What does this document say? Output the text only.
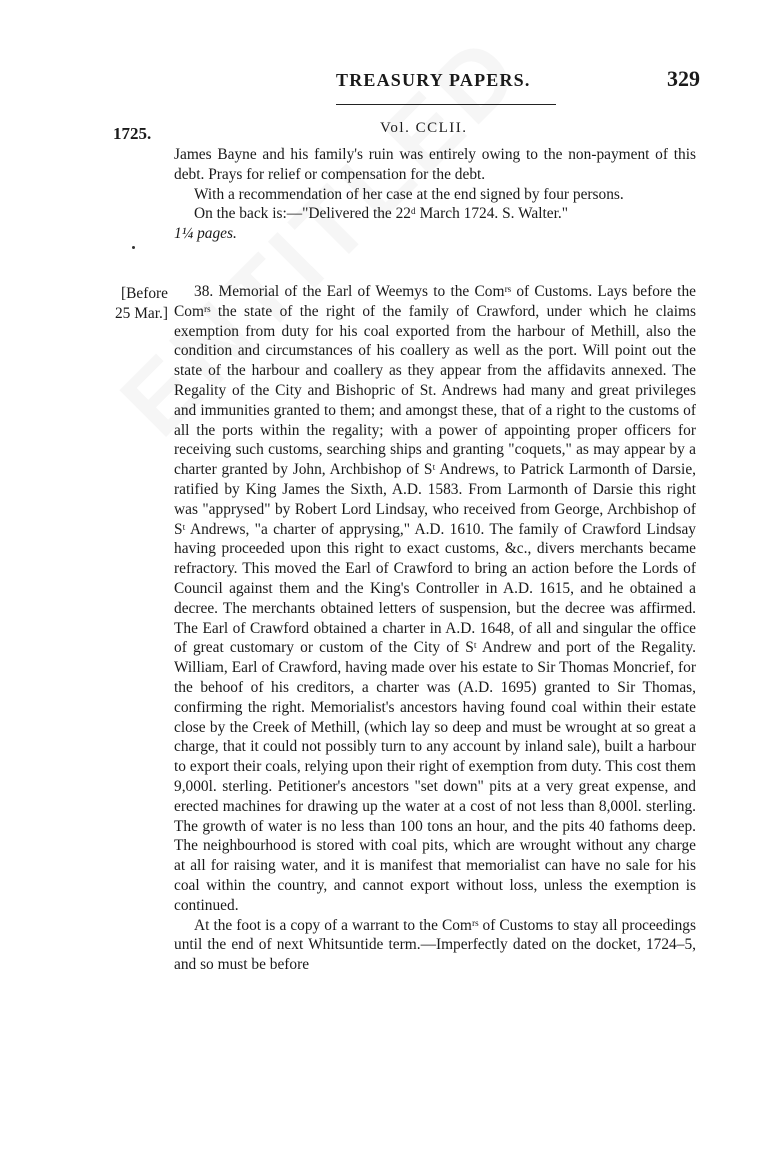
TREASURY PAPERS.	329
1725.	Vol. CCLII.

James Bayne and his family's ruin was entirely owing to the non-payment of this debt. Prays for relief or compensation for the debt.

With a recommendation of her case at the end signed by four persons.

On the back is:—"Delivered the 22ᵈ March 1724. S. Walter."

1¼ pages.

[Before
25 Mar.]

38. Memorial of the Earl of Weemys to the Comʳˢ of Customs. Lays before the Comʳˢ the state of the right of the family of Crawford, under which he claims exemption from duty for his coal exported from the harbour of Methill, also the condition and circumstances of his coallery as well as the port. Will point out the state of the harbour and coallery as they appear from the affidavits annexed. The Regality of the City and Bishopric of St. Andrews had many and great privileges and immunities granted to them; and amongst these, that of a right to the customs of all the ports within the regality; with a power of appointing proper officers for receiving such customs, searching ships and granting "coquets," as may appear by a charter granted by John, Archbishop of Sᵗ Andrews, to Patrick Larmonth of Darsie, ratified by King James the Sixth, A.D. 1583. From Larmonth of Darsie this right was "apprysed" by Robert Lord Lindsay, who received from George, Archbishop of Sᵗ Andrews, "a charter of apprysing," A.D. 1610. The family of Crawford Lindsay having proceeded upon this right to exact customs, &c., divers merchants became refractory. This moved the Earl of Crawford to bring an action before the Lords of Council against them and the King's Controller in A.D. 1615, and he obtained a decree. The merchants obtained letters of suspension, but the decree was affirmed. The Earl of Crawford obtained a charter in A.D. 1648, of all and singular the office of great customary or custom of the City of Sᵗ Andrew and port of the Regality. William, Earl of Crawford, having made over his estate to Sir Thomas Moncrief, for the behoof of his creditors, a charter was (A.D. 1695) granted to Sir Thomas, confirming the right. Memorialist's ancestors having found coal within their estate close by the Creek of Methill, (which lay so deep and must be wrought at so great a charge, that it could not possibly turn to any account by inland sale), built a harbour to export their coals, relying upon their right of exemption from duty. This cost them 9,000l. sterling. Petitioner's ancestors "set down" pits at a very great expense, and erected machines for drawing up the water at a cost of not less than 8,000l. sterling. The growth of water is no less than 100 tons an hour, and the pits 40 fathoms deep. The neighbourhood is stored with coal pits, which are wrought without any charge at all for raising water, and it is manifest that memorialist can have no sale for his coal within the country, and cannot export without loss, unless the exemption is continued.

At the foot is a copy of a warrant to the Comʳˢ of Customs to stay all proceedings until the end of next Whitsuntide term.—Imperfectly dated on the docket, 1724–5, and so must be before
